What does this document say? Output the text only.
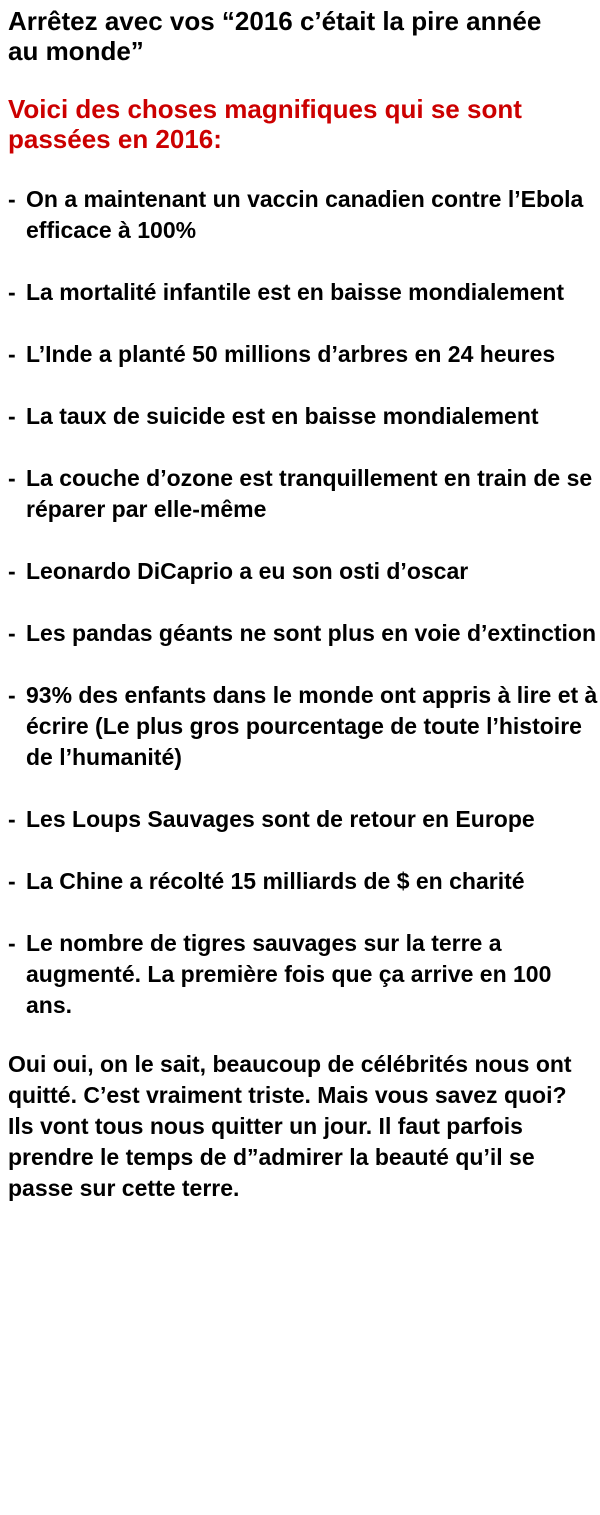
Arrêtez avec vos “2016 c’était la pire année au monde”
Voici des choses magnifiques qui se sont passées en 2016:
- On a maintenant un vaccin canadien contre l’Ebola efficace à 100%
- La mortalité infantile est en baisse mondialement
- L’Inde a planté 50 millions d’arbres en 24 heures
- La taux de suicide est en baisse mondialement
- La couche d’ozone est tranquillement en train de se réparer par elle-même
- Leonardo DiCaprio a eu son osti d’oscar
- Les pandas géants ne sont plus en voie d’extinction
- 93% des enfants dans le monde ont appris à lire et à écrire (Le plus gros pourcentage de toute l’histoire de l’humanité)
- Les Loups Sauvages sont de retour en Europe
- La Chine a récolté 15 milliards de $ en charité
- Le nombre de tigres sauvages sur la terre a augmenté. La première fois que ça arrive en 100 ans.

Oui oui, on le sait, beaucoup de célébrités nous ont quitté. C’est vraiment triste. Mais vous savez quoi? Ils vont tous nous quitter un jour. Il faut parfois prendre le temps de d”admirer la beauté qu’il se passe sur cette terre.
